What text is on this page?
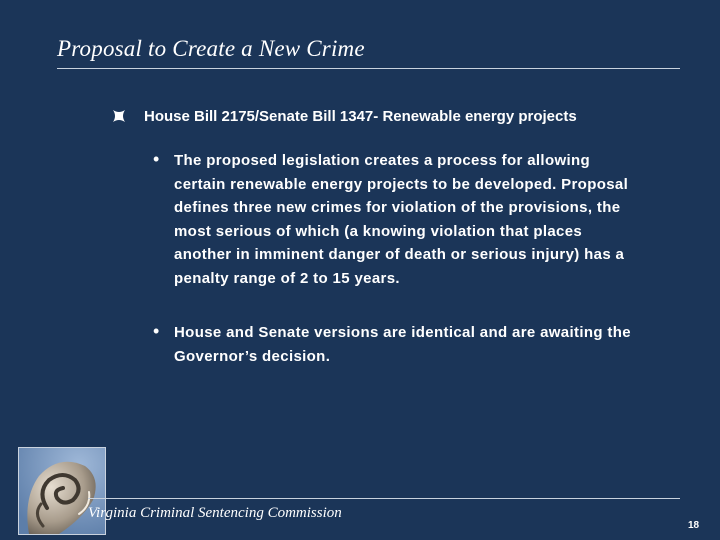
Proposal to Create a New Crime
House Bill 2175/Senate Bill 1347- Renewable energy projects
• The proposed legislation creates a process for allowing certain renewable energy projects to be developed. Proposal defines three new crimes for violation of the provisions, the most serious of which (a knowing violation that places another in imminent danger of death or serious injury) has a penalty range of 2 to 15 years.
• House and Senate versions are identical and are awaiting the Governor’s decision.
Virginia Criminal Sentencing Commission
18
